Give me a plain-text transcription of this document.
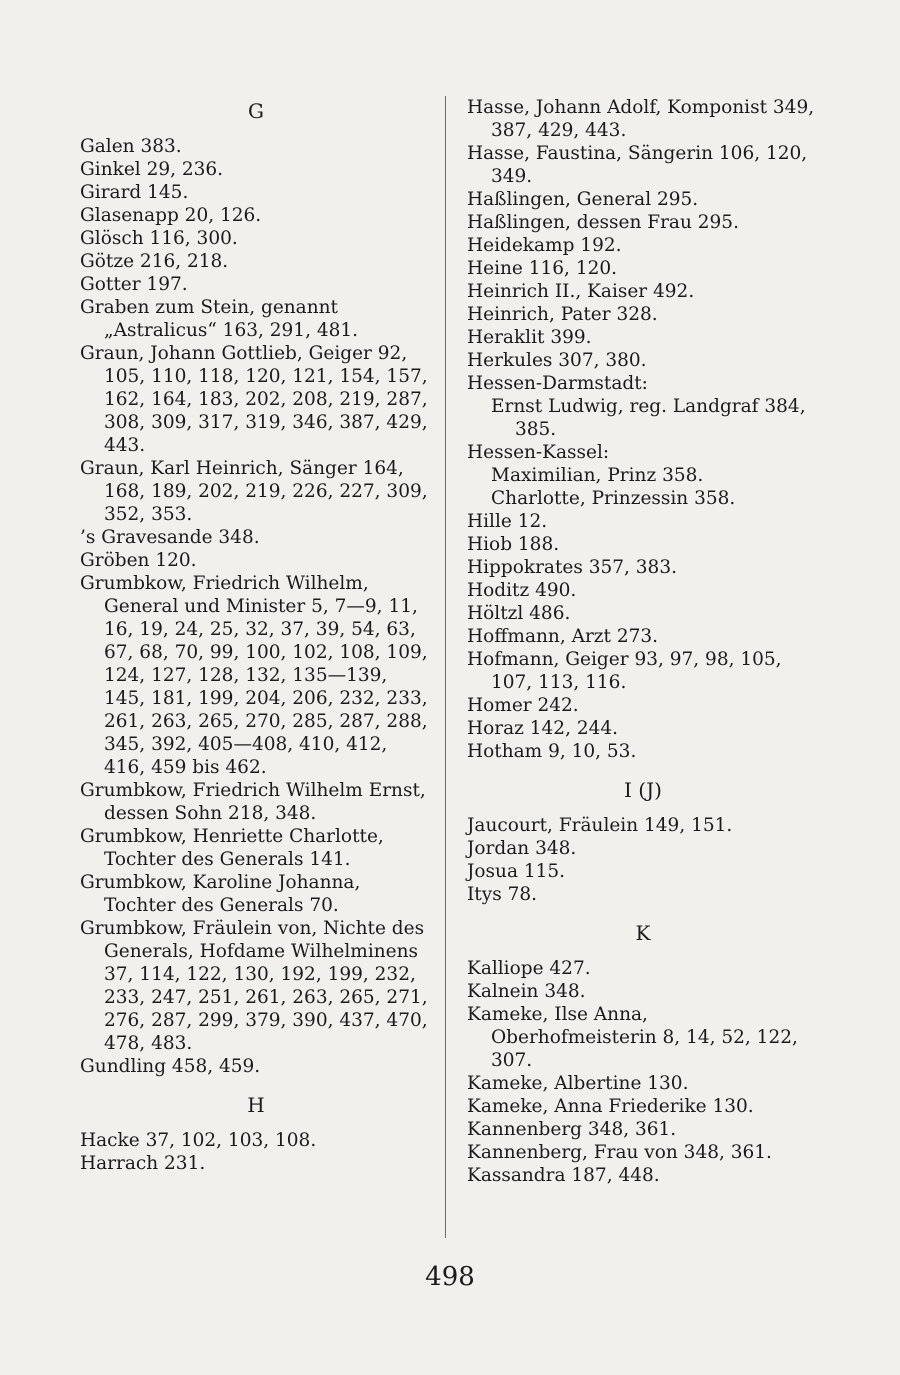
G

Galen 383.

Ginkel 29, 236.

Girard 145.

Glasenapp 20, 126.

Glösch 116, 300.

Götze 216, 218.

Gotter 197.

Graben zum Stein, genannt „Astralicus“ 163, 291, 481.

Graun, Johann Gottlieb, Geiger 92, 105, 110, 118, 120, 121, 154, 157, 162, 164, 183, 202, 208, 219, 287, 308, 309, 317, 319, 346, 387, 429, 443.

Graun, Karl Heinrich, Sänger 164, 168, 189, 202, 219, 226, 227, 309, 352, 353.

’s Gravesande 348.

Gröben 120.

Grumbkow, Friedrich Wilhelm, General und Minister 5, 7—9, 11, 16, 19, 24, 25, 32, 37, 39, 54, 63, 67, 68, 70, 99, 100, 102, 108, 109, 124, 127, 128, 132, 135—139, 145, 181, 199, 204, 206, 232, 233, 261, 263, 265, 270, 285, 287, 288, 345, 392, 405—408, 410, 412, 416, 459 bis 462.

Grumbkow, Friedrich Wilhelm Ernst, dessen Sohn 218, 348.

Grumbkow, Henriette Charlotte, Tochter des Generals 141.

Grumbkow, Karoline Johanna, Tochter des Generals 70.

Grumbkow, Fräulein von, Nichte des Generals, Hofdame Wilhelminens 37, 114, 122, 130, 192, 199, 232, 233, 247, 251, 261, 263, 265, 271, 276, 287, 299, 379, 390, 437, 470, 478, 483.

Gundling 458, 459.

H

Hacke 37, 102, 103, 108.

Harrach 231.

Hasse, Johann Adolf, Komponist 349, 387, 429, 443.

Hasse, Faustina, Sängerin 106, 120, 349.

Haßlingen, General 295.

Haßlingen, dessen Frau 295.

Heidekamp 192.

Heine 116, 120.

Heinrich II., Kaiser 492.

Heinrich, Pater 328.

Heraklit 399.

Herkules 307, 380.

Hessen-Darmstadt:

Ernst Ludwig, reg. Landgraf 384, 385.

Hessen-Kassel:

Maximilian, Prinz 358.

Charlotte, Prinzessin 358.

Hille 12.

Hiob 188.

Hippokrates 357, 383.

Hoditz 490.

Höltzl 486.

Hoffmann, Arzt 273.

Hofmann, Geiger 93, 97, 98, 105, 107, 113, 116.

Homer 242.

Horaz 142, 244.

Hotham 9, 10, 53.

I (J)

Jaucourt, Fräulein 149, 151.

Jordan 348.

Josua 115.

Itys 78.

K

Kalliope 427.

Kalnein 348.

Kameke, Ilse Anna, Oberhofmeisterin 8, 14, 52, 122, 307.

Kameke, Albertine 130.

Kameke, Anna Friederike 130.

Kannenberg 348, 361.

Kannenberg, Frau von 348, 361.

Kassandra 187, 448.

498
